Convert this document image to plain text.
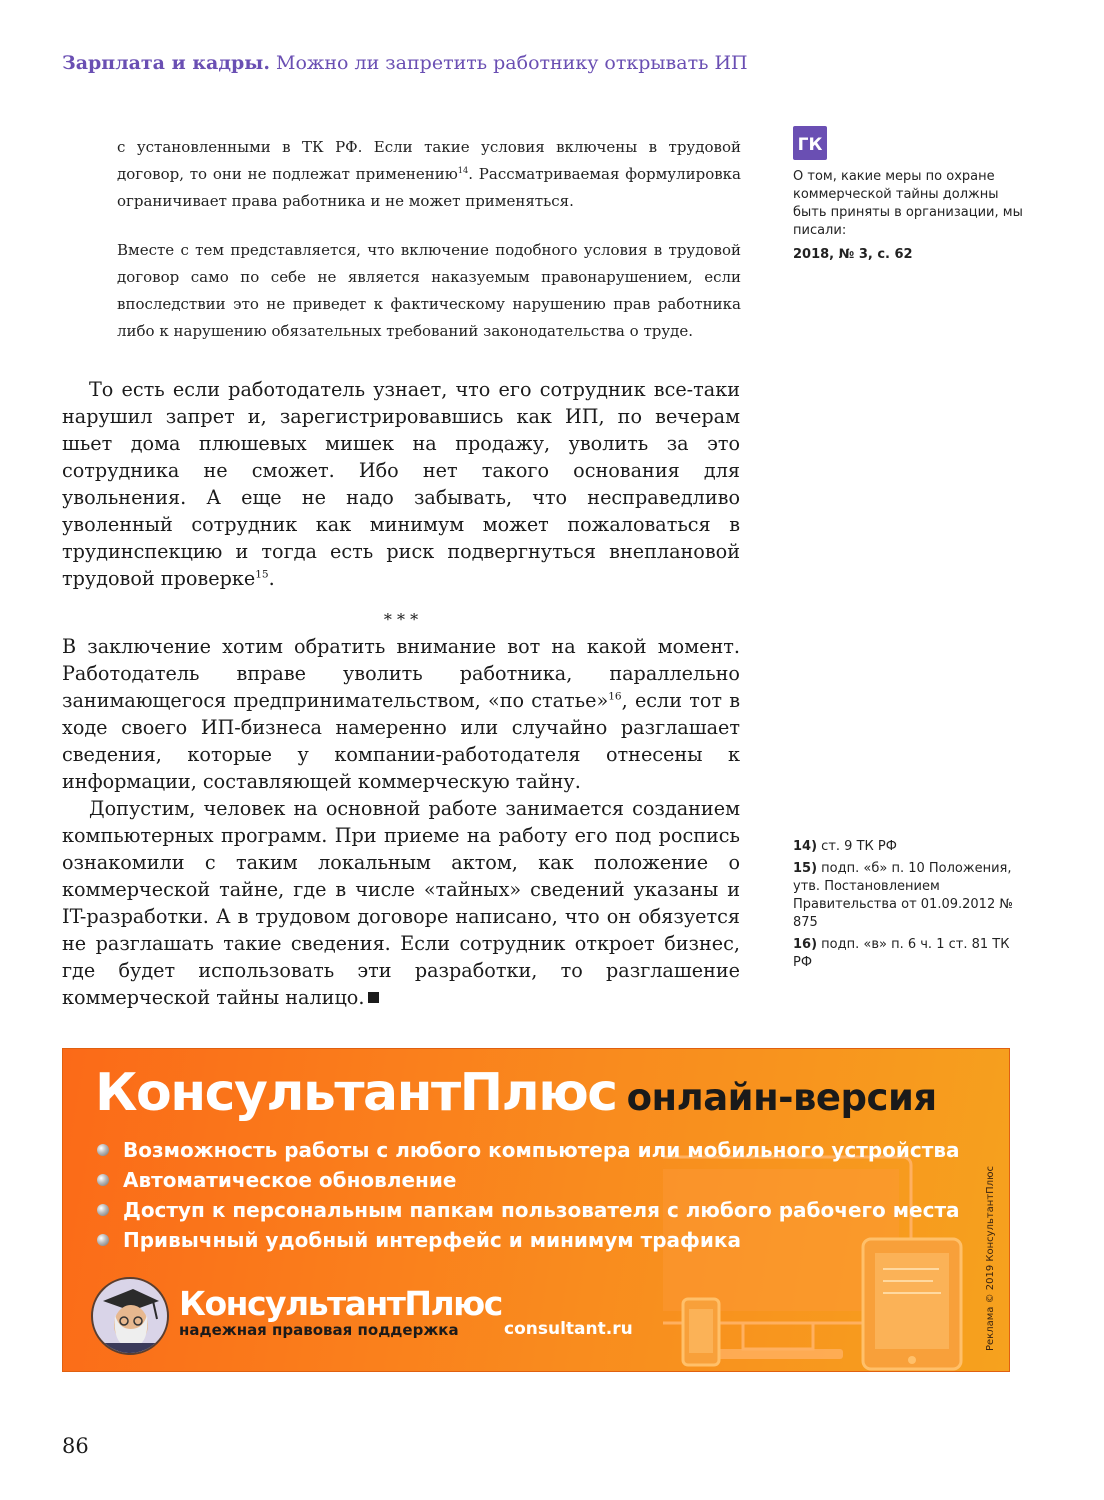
Зарплата и кадры. Можно ли запретить работнику открывать ИП

с установленными в ТК РФ. Если такие условия включены в трудовой договор, то они не подлежат применению$^{14}$. Рассматриваемая формулировка ограничивает права работника и не может применяться.

Вместе с тем представляется, что включение подобного условия в трудовой договор само по себе не является наказуемым правонарушением, если впоследствии это не приведет к фактическому нарушению прав работника либо к нарушению обязательных требований законодательства о труде.

То есть если работодатель узнает, что его сотрудник все-таки нарушил запрет и, зарегистрировавшись как ИП, по вечерам шьет дома плюшевых мишек на продажу, уволить за это сотрудника не сможет. Ибо нет такого основания для увольнения. А еще не надо забывать, что несправедливо уволенный сотрудник как минимум может пожаловаться в трудинспекцию и тогда есть риск подвергнуться внеплановой трудовой проверке$^{15}$.

* * *

В заключение хотим обратить внимание вот на какой момент. Работодатель вправе уволить работника, параллельно занимающегося предпринимательством, «по статье»$^{16}$, если тот в ходе своего ИП-бизнеса намеренно или случайно разглашает сведения, которые у компании-работодателя отнесены к информации, составляющей коммерческую тайну.

Допустим, человек на основной работе занимается созданием компьютерных программ. При приеме на работу его под роспись ознакомили с таким локальным актом, как положение о коммерческой тайне, где в числе «тайных» сведений указаны и IT-разработки. А в трудовом договоре написано, что он обязуется не разглашать такие сведения. Если сотрудник откроет бизнес, где будет использовать эти разработки, то разглашение коммерческой тайны налицо.

ГК
О том, какие меры по охране коммерческой тайны должны быть приняты в организации, мы писали:
2018, № 3, с. 62
14) ст. 9 ТК РФ
15) подп. «б» п. 10 Положения, утв. Постановлением Правительства от 01.09.2012 № 875
16) подп. «в» п. 6 ч. 1 ст. 81 ТК РФ
КонсультантПлюс онлайн-версия
Возможность работы с любого компьютера или мобильного устройства
Автоматическое обновление
Доступ к персональным папкам пользователя с любого рабочего места
Привычный удобный интерфейс и минимум трафика
КонсультантПлюс
надежная правовая поддержка	consultant.ru	Реклама © 2019 КонсультантПлюс
86
